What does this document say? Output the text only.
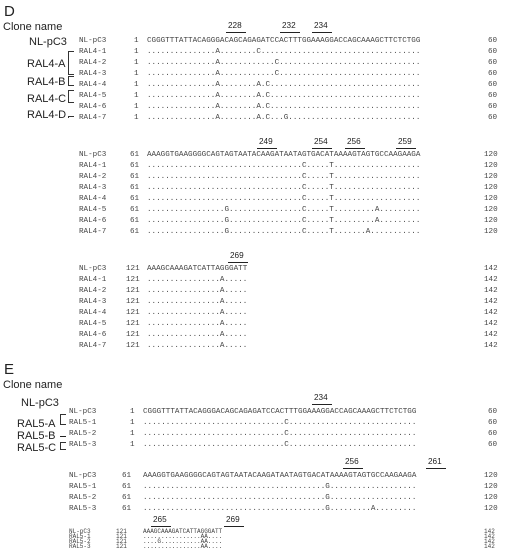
D
Clone name
NL-pC3
RAL4-A
RAL4-B
RAL4-C
RAL4-D
228	232 234
NL-pC3	1 CGGGTTTATTACAGGGACAGCAGAGATCCACTTTGGAAAGGACCAGCAAAGCTTCTCTGG	60
RAL4-1	1 ...............A........C...................................	60
RAL4-2	1 ...............A............C...............................	60
RAL4-3	1 ...............A............C...............................	60
RAL4-4	1 ...............A........A.C.................................	60
RAL4-5	1 ...............A........A.C.................................	60
RAL4-6	1 ...............A........A.C.................................	60
RAL4-7	1 ...............A........A.C...G.............................	60
249	254 256	259
NL-pC3	61 AAAGGTGAAGGGGCAGTAGTAATACAAGATAATAGTGACATAAAAGTAGTGCCAAGAAGA	120
RAL4-1	61 ..................................C.....T...................	120
RAL4-2	61 ..................................C.....T...................	120
RAL4-3	61 ..................................C.....T...................	120
RAL4-4	61 ..................................C.....T...................	120
RAL4-5	61 .................G................C.....T.........A.........	120
RAL4-6	61 .................G................C.....T.........A.........	120
RAL4-7	61 .................G................C.....T.......A...........	120
269
NL-pC3	121 AAAGCAAAGATCATTAGGGATT	142
RAL4-1	121 ................A.....	142
RAL4-2	121 ................A.....	142
RAL4-3	121 ................A.....	142
RAL4-4	121 ................A.....	142
RAL4-5	121 ................A.....	142
RAL4-6	121 ................A.....	142
RAL4-7	121 ................A.....	142
E
Clone name
NL-pC3
RAL5-A
RAL5-B
RAL5-C
234
NL-pC3	1 CGGGTTTATTACAGGGACAGCAGAGATCCACTTTGGAAAGGACCAGCAAAGCTTCTCTGG	60
RAL5-1	1 ...............................C............................	60
RAL5-2	1 ...............................C............................	60
RAL5-3	1 ...............................C............................	60
256	261
NL-pC3	61 AAAGGTGAAGGGGCAGTAGTAATACAAGATAATAGTGACATAAAAGTAGTGCCAAGAAGA	120
RAL5-1	61 ........................................G...................	120
RAL5-2	61 ........................................G...................	120
RAL5-3	61 ........................................G.........A.........	120
265	269
NL-pC3	121	AAAGCAAAGATCATTAGGGATT	142
RAL5-1	121	................AA....	142
RAL5-2	121	....G...........AA....	142
RAL5-3	121	................AA....	142
